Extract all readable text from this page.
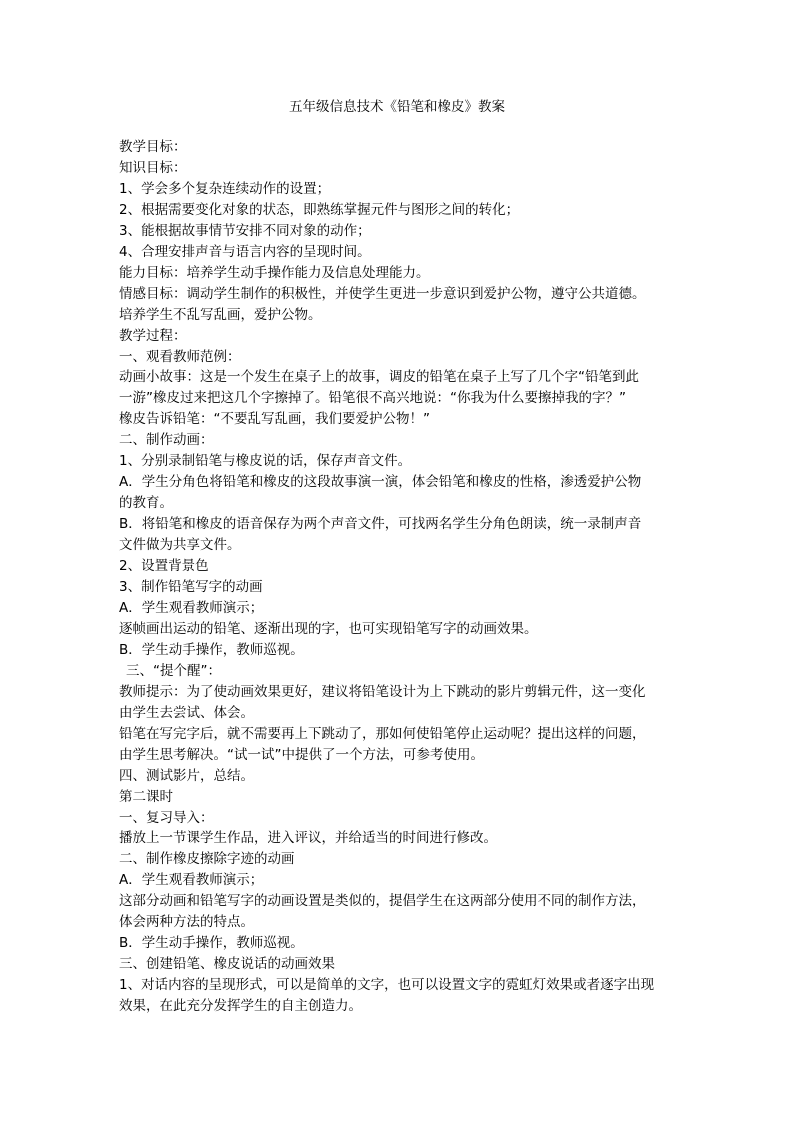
五年级信息技术《铅笔和橡皮》教案
教学目标：
知识目标：
1、学会多个复杂连续动作的设置；
2、根据需要变化对象的状态，即熟练掌握元件与图形之间的转化；
3、能根据故事情节安排不同对象的动作；
4、合理安排声音与语言内容的呈现时间。
能力目标：培养学生动手操作能力及信息处理能力。
情感目标：调动学生制作的积极性，并使学生更进一步意识到爱护公物，遵守公共道德。
培养学生不乱写乱画，爱护公物。
教学过程：
一、观看教师范例：
动画小故事：这是一个发生在桌子上的故事，调皮的铅笔在桌子上写了几个字“铅笔到此
一游”橡皮过来把这几个字擦掉了。铅笔很不高兴地说：“你我为什么要擦掉我的字？”
橡皮告诉铅笔：“不要乱写乱画，我们要爱护公物！”
二、制作动画：
1、分别录制铅笔与橡皮说的话，保存声音文件。
A．学生分角色将铅笔和橡皮的这段故事演一演，体会铅笔和橡皮的性格，渗透爱护公物
的教育。
B．将铅笔和橡皮的语音保存为两个声音文件，可找两名学生分角色朗读，统一录制声音
文件做为共享文件。
2、设置背景色
3、制作铅笔写字的动画
A．学生观看教师演示；
逐帧画出运动的铅笔、逐渐出现的字，也可实现铅笔写字的动画效果。
B．学生动手操作，教师巡视。
三、“提个醒”：
教师提示：为了使动画效果更好，建议将铅笔设计为上下跳动的影片剪辑元件，这一变化
由学生去尝试、体会。
铅笔在写完字后，就不需要再上下跳动了，那如何使铅笔停止运动呢？提出这样的问题，
由学生思考解决。“试一试”中提供了一个方法，可参考使用。
四、测试影片，总结。
第二课时
一、复习导入：
播放上一节课学生作品，进入评议，并给适当的时间进行修改。
二、制作橡皮擦除字迹的动画
A．学生观看教师演示；
这部分动画和铅笔写字的动画设置是类似的，提倡学生在这两部分使用不同的制作方法，
体会两种方法的特点。
B．学生动手操作，教师巡视。
三、创建铅笔、橡皮说话的动画效果
1、对话内容的呈现形式，可以是简单的文字，也可以设置文字的霓虹灯效果或者逐字出现
效果，在此充分发挥学生的自主创造力。
